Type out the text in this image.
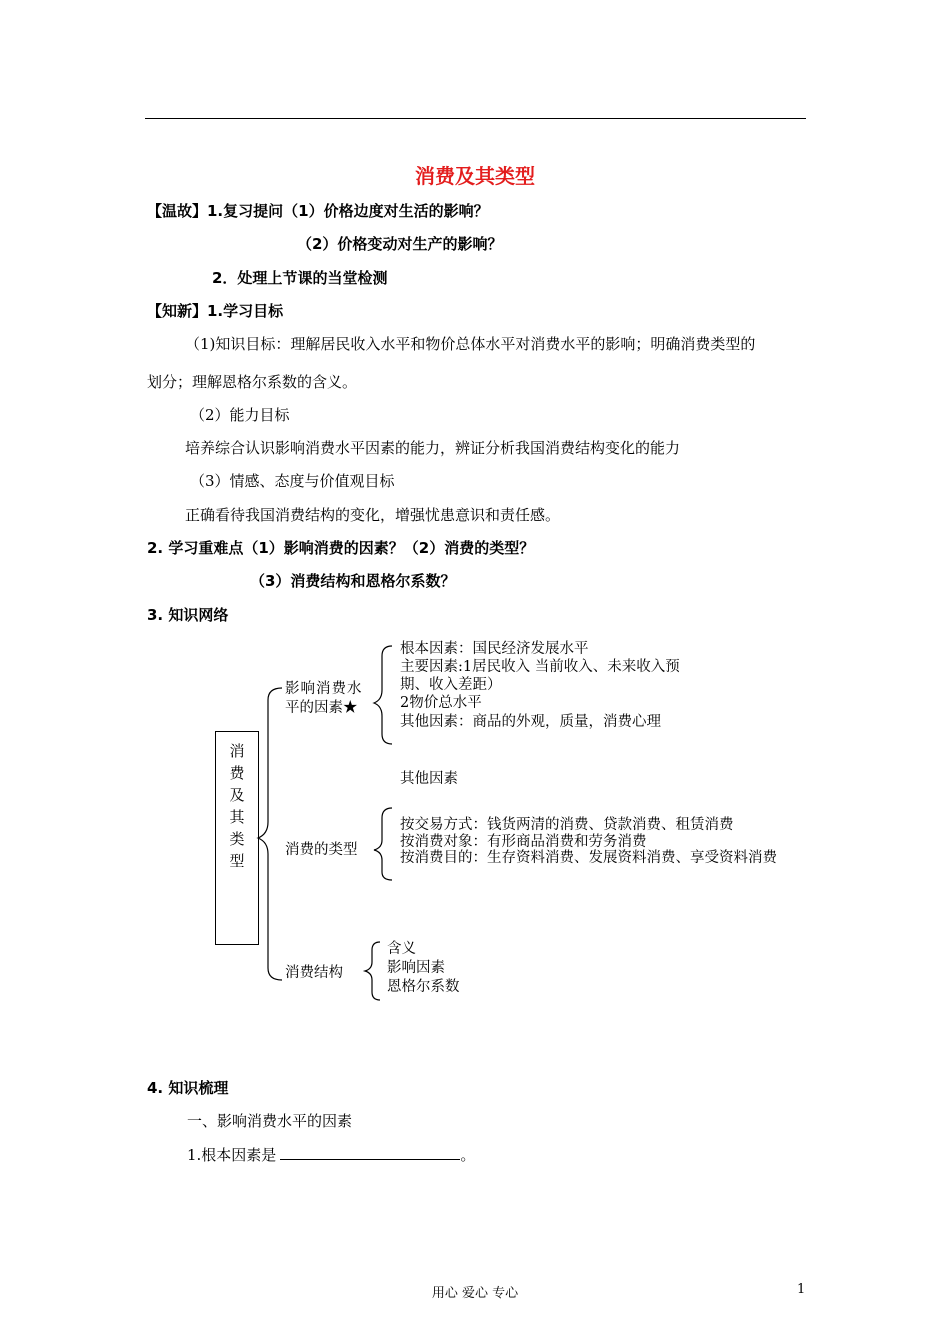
消费及其类型
【温故】1.复习提问（1）价格边度对生活的影响？
（2）价格变动对生产的影响？
2．处理上节课的当堂检测
【知新】1.学习目标
（1)知识目标：理解居民收入水平和物价总体水平对消费水平的影响；明确消费类型的
划分；理解恩格尔系数的含义。
（2）能力目标
培养综合认识影响消费水平因素的能力，辨证分析我国消费结构变化的能力
（3）情感、态度与价值观目标
正确看待我国消费结构的变化，增强忧患意识和责任感。
2. 学习重难点（1）影响消费的因素？（2）消费的类型？
（3）消费结构和恩格尔系数？
3. 知识网络
消
费
及
其
类
型
影响消费水
平的因素★
根本因素：国民经济发展水平
主要因素:1居民收入 当前收入、未来收入预
期、收入差距）
2物价总水平
其他因素：商品的外观，质量，消费心理
其他因素
消费的类型
按交易方式：钱货两清的消费、贷款消费、租赁消费
按消费对象：有形商品消费和劳务消费
按消费目的：生存资料消费、发展资料消费、享受资料消费
消费结构
含义
影响因素
恩格尔系数
4. 知识梳理
一、影响消费水平的因素
1.根本因素是	。
用心 爱心 专心	1
